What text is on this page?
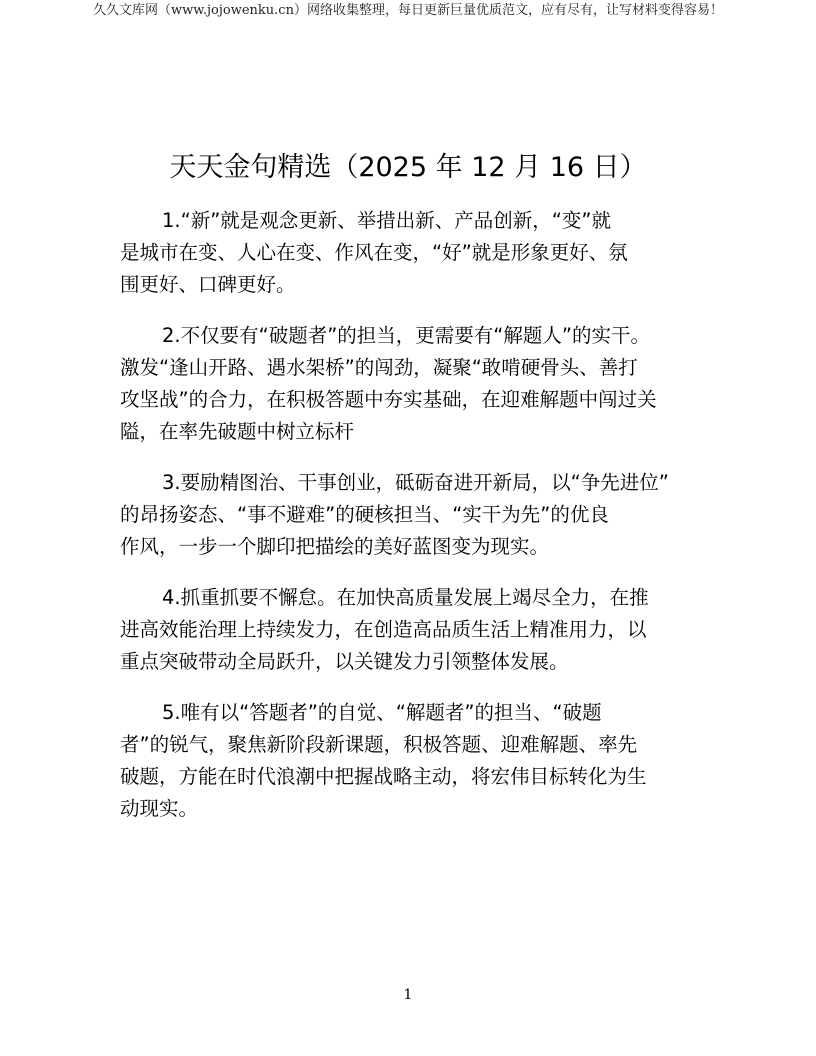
久久文库网（www.jojowenku.cn）网络收集整理，每日更新巨量优质范文，应有尽有，让写材料变得容易！
天天金句精选（2025 年 12 月 16 日）
1.“新”就是观念更新、举措出新、产品创新，“变”就
是城市在变、人心在变、作风在变，“好”就是形象更好、氛
围更好、口碑更好。
2.不仅要有“破题者”的担当，更需要有“解题人”的实干。
激发“逢山开路、遇水架桥”的闯劲，凝聚“敢啃硬骨头、善打
攻坚战”的合力，在积极答题中夯实基础，在迎难解题中闯过关
隘，在率先破题中树立标杆
3.要励精图治、干事创业，砥砺奋进开新局，以“争先进位”
的昂扬姿态、“事不避难”的硬核担当、“实干为先”的优良
作风，一步一个脚印把描绘的美好蓝图变为现实。
4.抓重抓要不懈怠。在加快高质量发展上竭尽全力，在推
进高效能治理上持续发力，在创造高品质生活上精准用力，以
重点突破带动全局跃升，以关键发力引领整体发展。
5.唯有以“答题者”的自觉、“解题者”的担当、“破题
者”的锐气，聚焦新阶段新课题，积极答题、迎难解题、率先
破题，方能在时代浪潮中把握战略主动，将宏伟目标转化为生
动现实。
1
